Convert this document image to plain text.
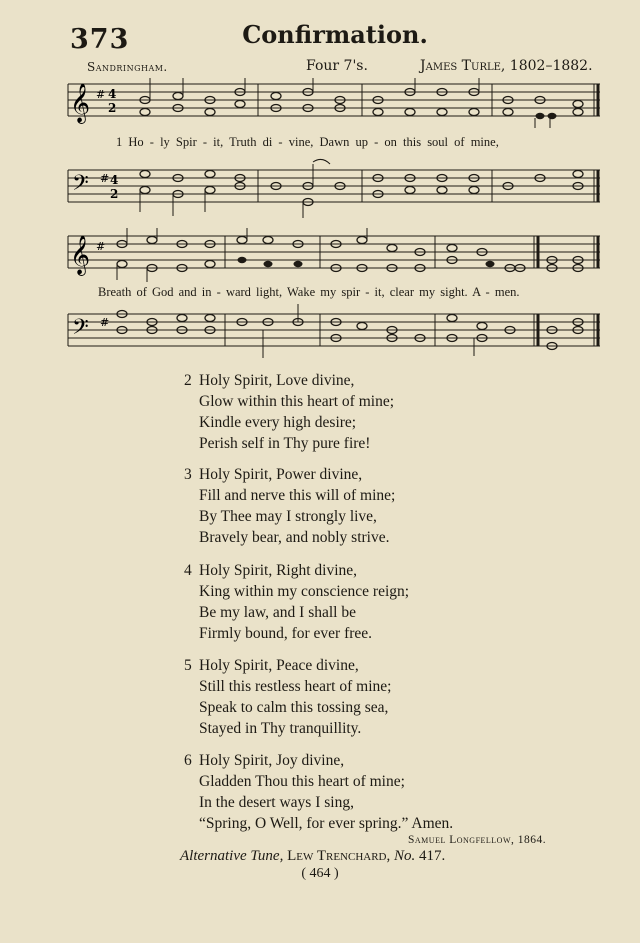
373	Confirmation.
Sandringham.	Four 7's.	James Turle, 1802–1882.
𝄞 # 4
2
1 Ho - ly Spir - it, Truth di - vine, Dawn up - on this soul of mine,
𝄢 # 4
2
𝄞 #
Breath of God and in - ward light, Wake my spir - it, clear my sight. A - men.
𝄢 #
2 Holy Spirit, Love divine,
Glow within this heart of mine;
Kindle every high desire;
Perish self in Thy pure fire!
3 Holy Spirit, Power divine,
Fill and nerve this will of mine;
By Thee may I strongly live,
Bravely bear, and nobly strive.
4 Holy Spirit, Right divine,
King within my conscience reign;
Be my law, and I shall be
Firmly bound, for ever free.
5 Holy Spirit, Peace divine,
Still this restless heart of mine;
Speak to calm this tossing sea,
Stayed in Thy tranquillity.
6 Holy Spirit, Joy divine,
Gladden Thou this heart of mine;
In the desert ways I sing,
“Spring, O Well, for ever spring.” Amen.
Samuel Longfellow, 1864.
Alternative Tune, Lew Trenchard, No. 417.
( 464 )
